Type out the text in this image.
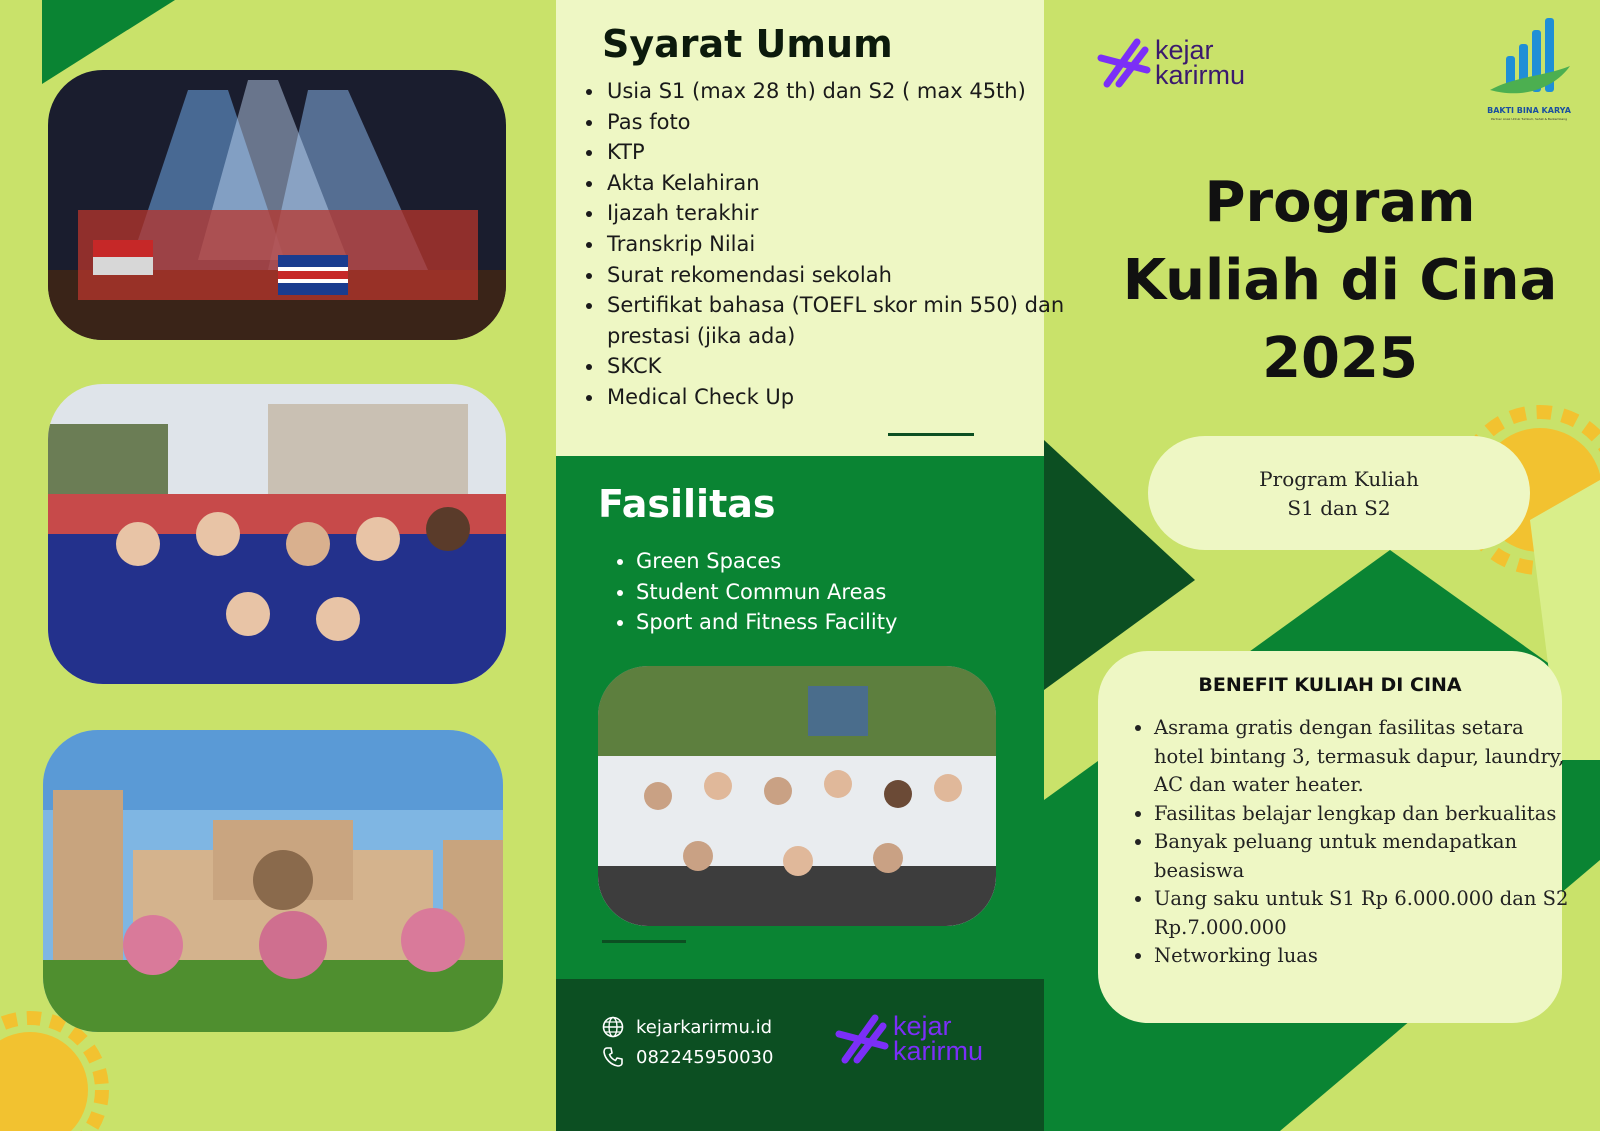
Syarat Umum
• Usia S1 (max 28 th) dan S2 ( max 45th)
• Pas foto
• KTP
• Akta Kelahiran
• Ijazah terakhir
• Transkrip Nilai
• Surat rekomendasi sekolah
• Sertifikat bahasa (TOEFL skor min 550) dan prestasi (jika ada)
• SKCK
• Medical Check Up
Fasilitas
• Green Spaces
• Student Commun Areas
• Sport and Fitness Facility
kejarkarirmu.id
082245950030
kejar
karirmu
kejar
karirmu
BAKTI BINA KARYA
Partner Anak Untuk Tumbuh, Sehat & Berkembang
Program
Kuliah di Cina
2025
Program Kuliah
S1 dan S2
BENEFIT KULIAH DI CINA
• Asrama gratis dengan fasilitas setara hotel bintang 3, termasuk dapur, laundry, AC dan water heater.
• Fasilitas belajar lengkap dan berkualitas
• Banyak peluang untuk mendapatkan beasiswa
• Uang saku untuk S1 Rp 6.000.000 dan S2 Rp.7.000.000
• Networking luas
